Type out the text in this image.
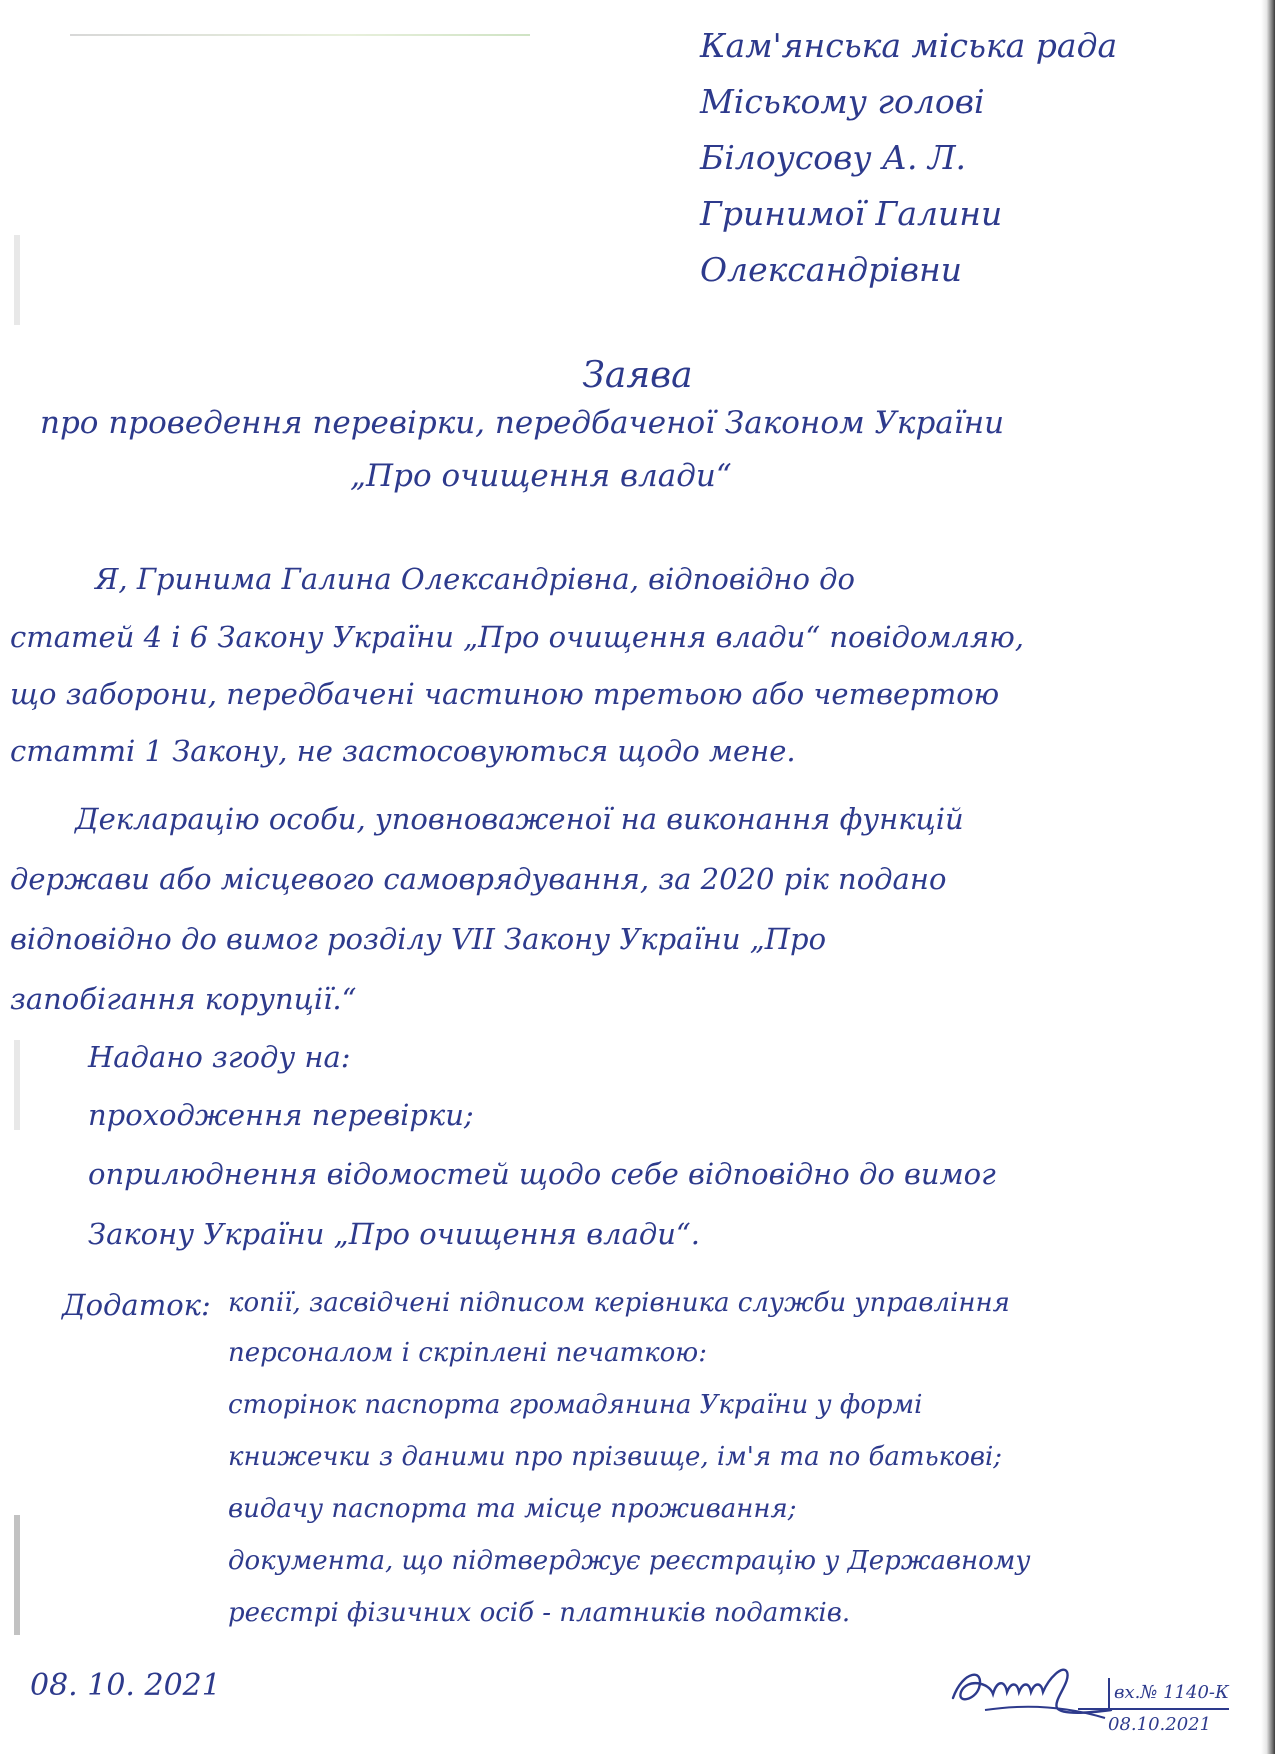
Кам'янська міська рада
Міському голові
Білоусову А. Л.
Гринимої Галини
Олександрівни
Заява
про проведення перевірки, передбаченої Законом України
„Про очищення влади“
Я, Гринима Галина Олександрівна, відповідно до
статей 4 і 6 Закону України „Про очищення влади“ повідомляю,
що заборони, передбачені частиною третьою або четвертою
статті 1 Закону, не застосовуються щодо мене.
Декларацію особи, уповноваженої на виконання функцій
держави або місцевого самоврядування, за 2020 рік подано
відповідно до вимог розділу VII Закону України „Про
запобігання корупції.“
Надано згоду на:
проходження перевірки;
оприлюднення відомостей щодо себе відповідно до вимог
Закону України „Про очищення влади“.
Додаток: копії, засвідчені підписом керівника служби управління
персоналом і скріплені печаткою:
сторінок паспорта громадянина України у формі
книжечки з даними про прізвище, ім'я та по батькові;
видачу паспорта та місце проживання;
документа, що підтверджує реєстрацію у Державному
реєстрі фізичних осіб - платників податків.
08. 10. 2021	вх.№ 1140-К
08.10.2021
